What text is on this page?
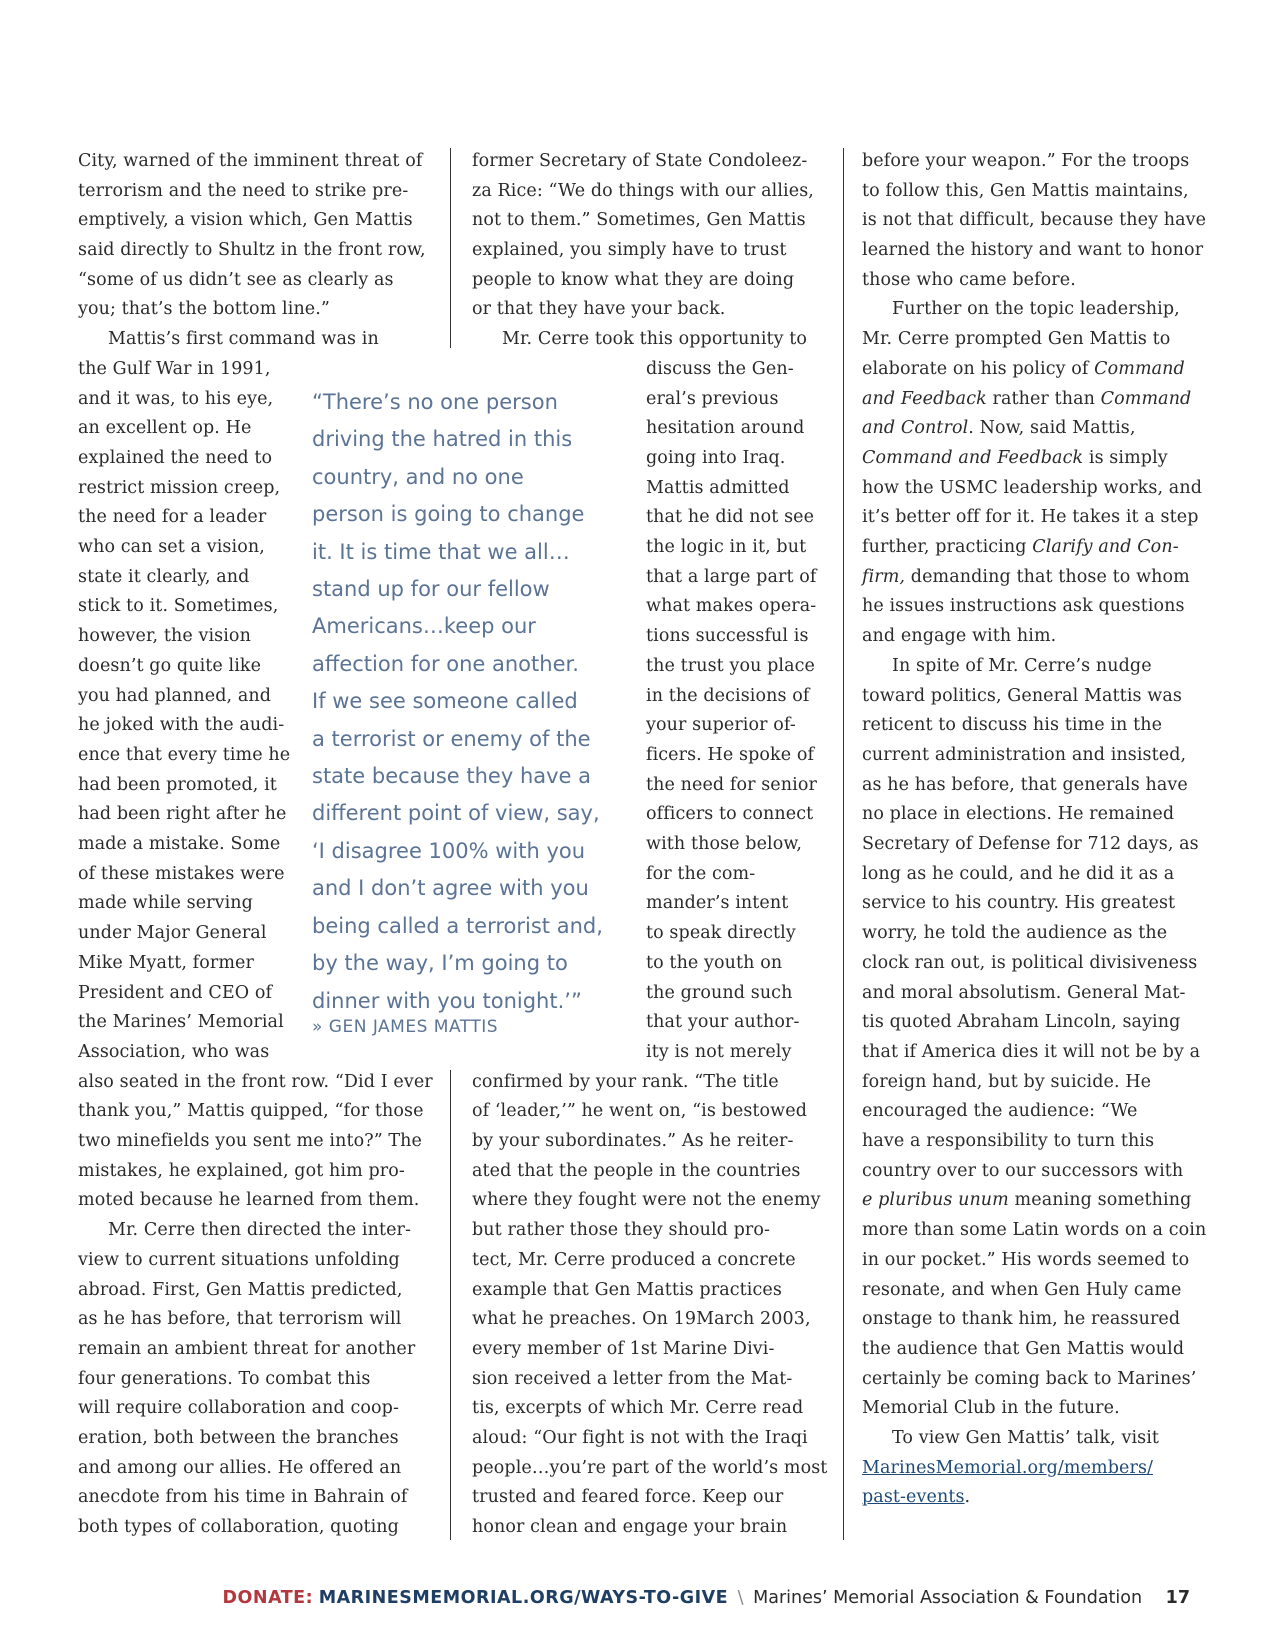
City, warned of the imminent threat of
terrorism and the need to strike pre-
emptively, a vision which, Gen Mattis
said directly to Shultz in the front row,
“some of us didn’t see as clearly as
you; that’s the bottom line.”
Mattis’s first command was in
the Gulf War in 1991,
and it was, to his eye,
an excellent op. He
explained the need to
restrict mission creep,
the need for a leader
who can set a vision,
state it clearly, and
stick to it. Sometimes,
however, the vision
doesn’t go quite like
you had planned, and
he joked with the audi-
ence that every time he
had been promoted, it
had been right after he
made a mistake. Some
of these mistakes were
made while serving
under Major General
Mike Myatt, former
President and CEO of
the Marines’ Memorial
Association, who was
also seated in the front row. “Did I ever
thank you,” Mattis quipped, “for those
two minefields you sent me into?” The
mistakes, he explained, got him pro-
moted because he learned from them.
Mr. Cerre then directed the inter-
view to current situations unfolding
abroad. First, Gen Mattis predicted,
as he has before, that terrorism will
remain an ambient threat for another
four generations. To combat this
will require collaboration and coop-
eration, both between the branches
and among our allies. He offered an
anecdote from his time in Bahrain of
both types of collaboration, quoting
former Secretary of State Condoleez-
za Rice: “We do things with our allies,
not to them.” Sometimes, Gen Mattis
explained, you simply have to trust
people to know what they are doing
or that they have your back.
Mr. Cerre took this opportunity to
discuss the Gen-
eral’s previous
hesitation around
going into Iraq.
Mattis admitted
that he did not see
the logic in it, but
that a large part of
what makes opera-
tions successful is
the trust you place
in the decisions of
your superior of-
ficers. He spoke of
the need for senior
officers to connect
with those below,
for the com-
mander’s intent
to speak directly
to the youth on
the ground such
that your author-
ity is not merely
confirmed by your rank. “The title
of ‘leader,’” he went on, “is bestowed
by your subordinates.” As he reiter-
ated that the people in the countries
where they fought were not the enemy
but rather those they should pro-
tect, Mr. Cerre produced a concrete
example that Gen Mattis practices
what he preaches. On 19March 2003,
every member of 1st Marine Divi-
sion received a letter from the Mat-
tis, excerpts of which Mr. Cerre read
aloud: “Our fight is not with the Iraqi
people…you’re part of the world’s most
trusted and feared force. Keep our
honor clean and engage your brain
“There’s no one person
driving the hatred in this
country, and no one
person is going to change
it. It is time that we all…
stand up for our fellow
Americans…keep our
affection for one another.
If we see someone called
a terrorist or enemy of the
state because they have a
different point of view, say,
‘I disagree 100% with you
and I don’t agree with you
being called a terrorist and,
by the way, I’m going to
dinner with you tonight.’”
» GEN JAMES MATTIS
before your weapon.” For the troops
to follow this, Gen Mattis maintains,
is not that difficult, because they have
learned the history and want to honor
those who came before.
Further on the topic leadership,
Mr. Cerre prompted Gen Mattis to
elaborate on his policy of Command
and Feedback rather than Command
and Control. Now, said Mattis,
Command and Feedback is simply
how the USMC leadership works, and
it’s better off for it. He takes it a step
further, practicing Clarify and Con-
firm, demanding that those to whom
he issues instructions ask questions
and engage with him.
In spite of Mr. Cerre’s nudge
toward politics, General Mattis was
reticent to discuss his time in the
current administration and insisted,
as he has before, that generals have
no place in elections. He remained
Secretary of Defense for 712 days, as
long as he could, and he did it as a
service to his country. His greatest
worry, he told the audience as the
clock ran out, is political divisiveness
and moral absolutism. General Mat-
tis quoted Abraham Lincoln, saying
that if America dies it will not be by a
foreign hand, but by suicide. He
encouraged the audience: “We
have a responsibility to turn this
country over to our successors with
e pluribus unum meaning something
more than some Latin words on a coin
in our pocket.” His words seemed to
resonate, and when Gen Huly came
onstage to thank him, he reassured
the audience that Gen Mattis would
certainly be coming back to Marines’
Memorial Club in the future.
To view Gen Mattis’ talk, visit
MarinesMemorial.org/members/
past-events.
DONATE: MARINESMEMORIAL.ORG/WAYS-TO-GIVE \ Marines’ Memorial Association & Foundation 17
